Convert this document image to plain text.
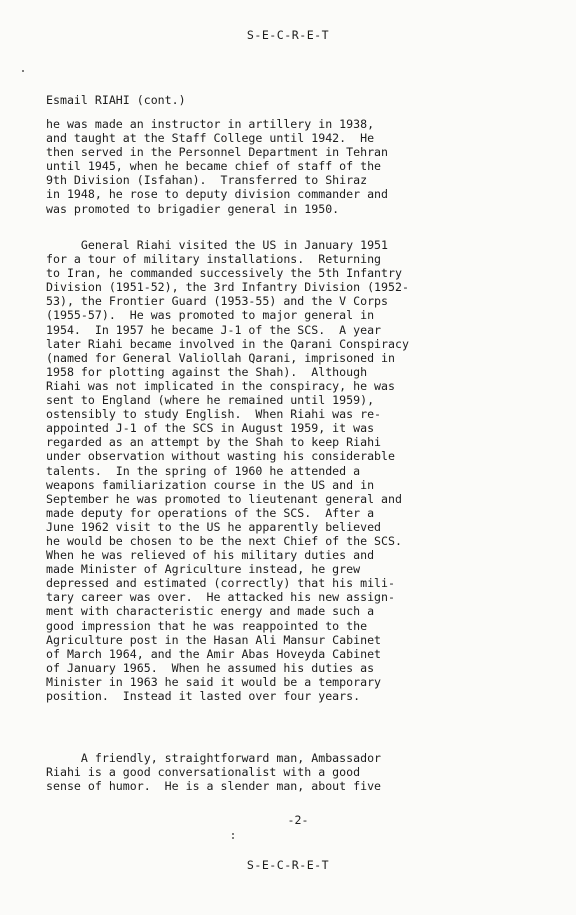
S-E-C-R-E-T
Esmail RIAHI (cont.)
he was made an instructor in artillery in 1938,
and taught at the Staff College until 1942.  He
then served in the Personnel Department in Tehran
until 1945, when he became chief of staff of the
9th Division (Isfahan).  Transferred to Shiraz
in 1948, he rose to deputy division commander and
was promoted to brigadier general in 1950.
General Riahi visited the US in January 1951
for a tour of military installations.  Returning
to Iran, he commanded successively the 5th Infantry
Division (1951-52), the 3rd Infantry Division (1952-
53), the Frontier Guard (1953-55) and the V Corps
(1955-57).  He was promoted to major general in
1954.  In 1957 he became J-1 of the SCS.  A year
later Riahi became involved in the Qarani Conspiracy
(named for General Valiollah Qarani, imprisoned in
1958 for plotting against the Shah).  Although
Riahi was not implicated in the conspiracy, he was
sent to England (where he remained until 1959),
ostensibly to study English.  When Riahi was re-
appointed J-1 of the SCS in August 1959, it was
regarded as an attempt by the Shah to keep Riahi
under observation without wasting his considerable
talents.  In the spring of 1960 he attended a
weapons familiarization course in the US and in
September he was promoted to lieutenant general and
made deputy for operations of the SCS.  After a
June 1962 visit to the US he apparently believed
he would be chosen to be the next Chief of the SCS.
When he was relieved of his military duties and
made Minister of Agriculture instead, he grew
depressed and estimated (correctly) that his mili-
tary career was over.  He attacked his new assign-
ment with characteristic energy and made such a
good impression that he was reappointed to the
Agriculture post in the Hasan Ali Mansur Cabinet
of March 1964, and the Amir Abas Hoveyda Cabinet
of January 1965.  When he assumed his duties as
Minister in 1963 he said it would be a temporary
position.  Instead it lasted over four years.
A friendly, straightforward man, Ambassador
Riahi is a good conversationalist with a good
sense of humor.  He is a slender man, about five
-2-
S-E-C-R-E-T
